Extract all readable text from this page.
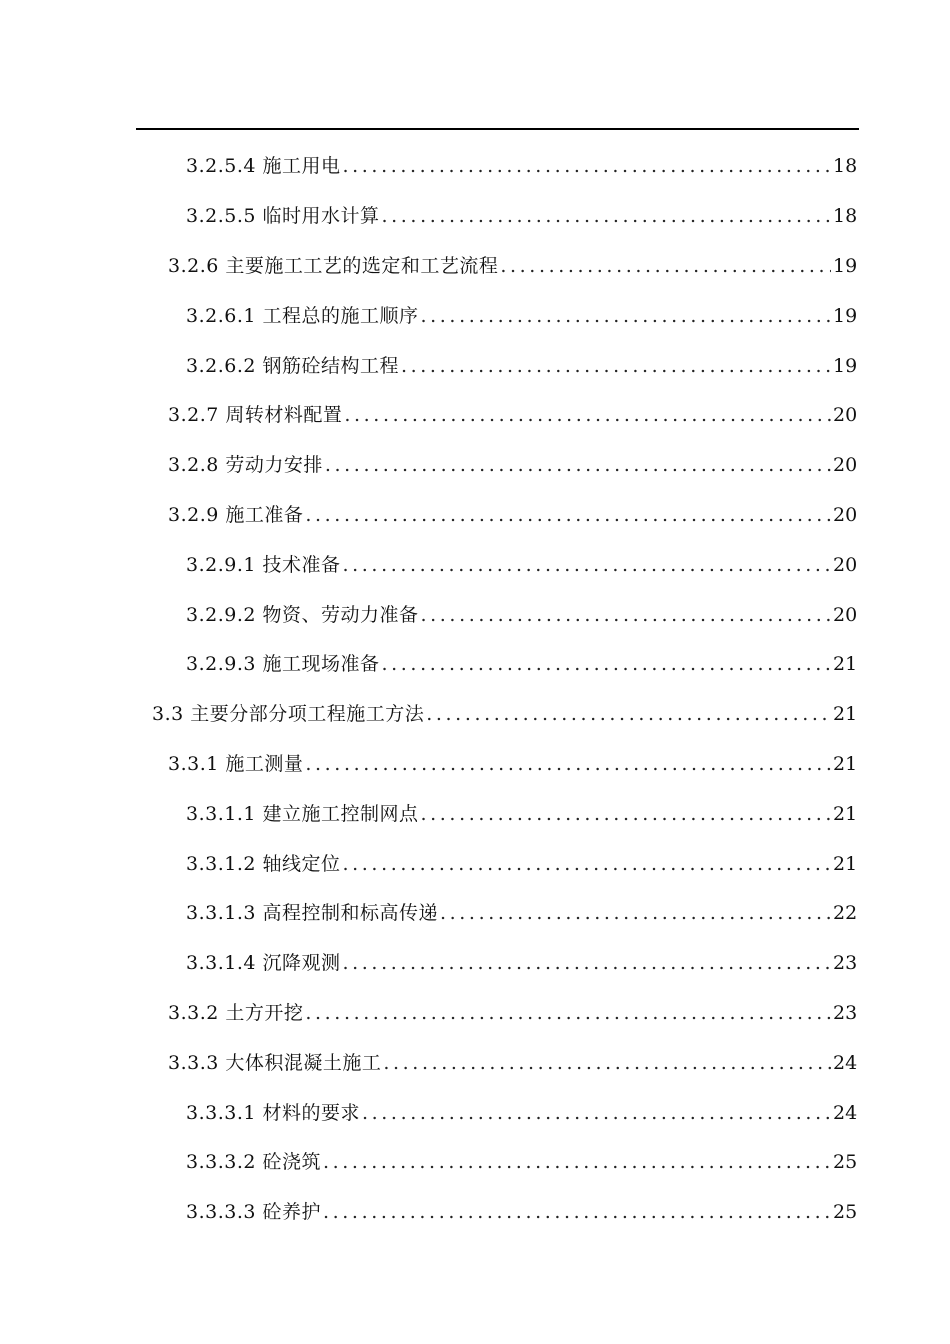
3.2.5.4 施工用电 .....	18
3.2.5.5 临时用水计算 .....	18
3.2.6 主要施工工艺的选定和工艺流程 .....	19
3.2.6.1 工程总的施工顺序 .....	19
3.2.6.2 钢筋砼结构工程 .....	19
3.2.7 周转材料配置 .....	20
3.2.8 劳动力安排 .....	20
3.2.9 施工准备 .....	20
3.2.9.1 技术准备 .....	20
3.2.9.2 物资、劳动力准备 .....	20
3.2.9.3 施工现场准备 .....	21
3.3 主要分部分项工程施工方法 .....	21
3.3.1 施工测量 .....	21
3.3.1.1 建立施工控制网点 .....	21
3.3.1.2 轴线定位 .....	21
3.3.1.3 高程控制和标高传递 .....	22
3.3.1.4 沉降观测 .....	23
3.3.2 土方开挖 .....	23
3.3.3 大体积混凝土施工 .....	24
3.3.3.1 材料的要求 .....	24
3.3.3.2 砼浇筑 .....	25
3.3.3.3 砼养护 .....	25
